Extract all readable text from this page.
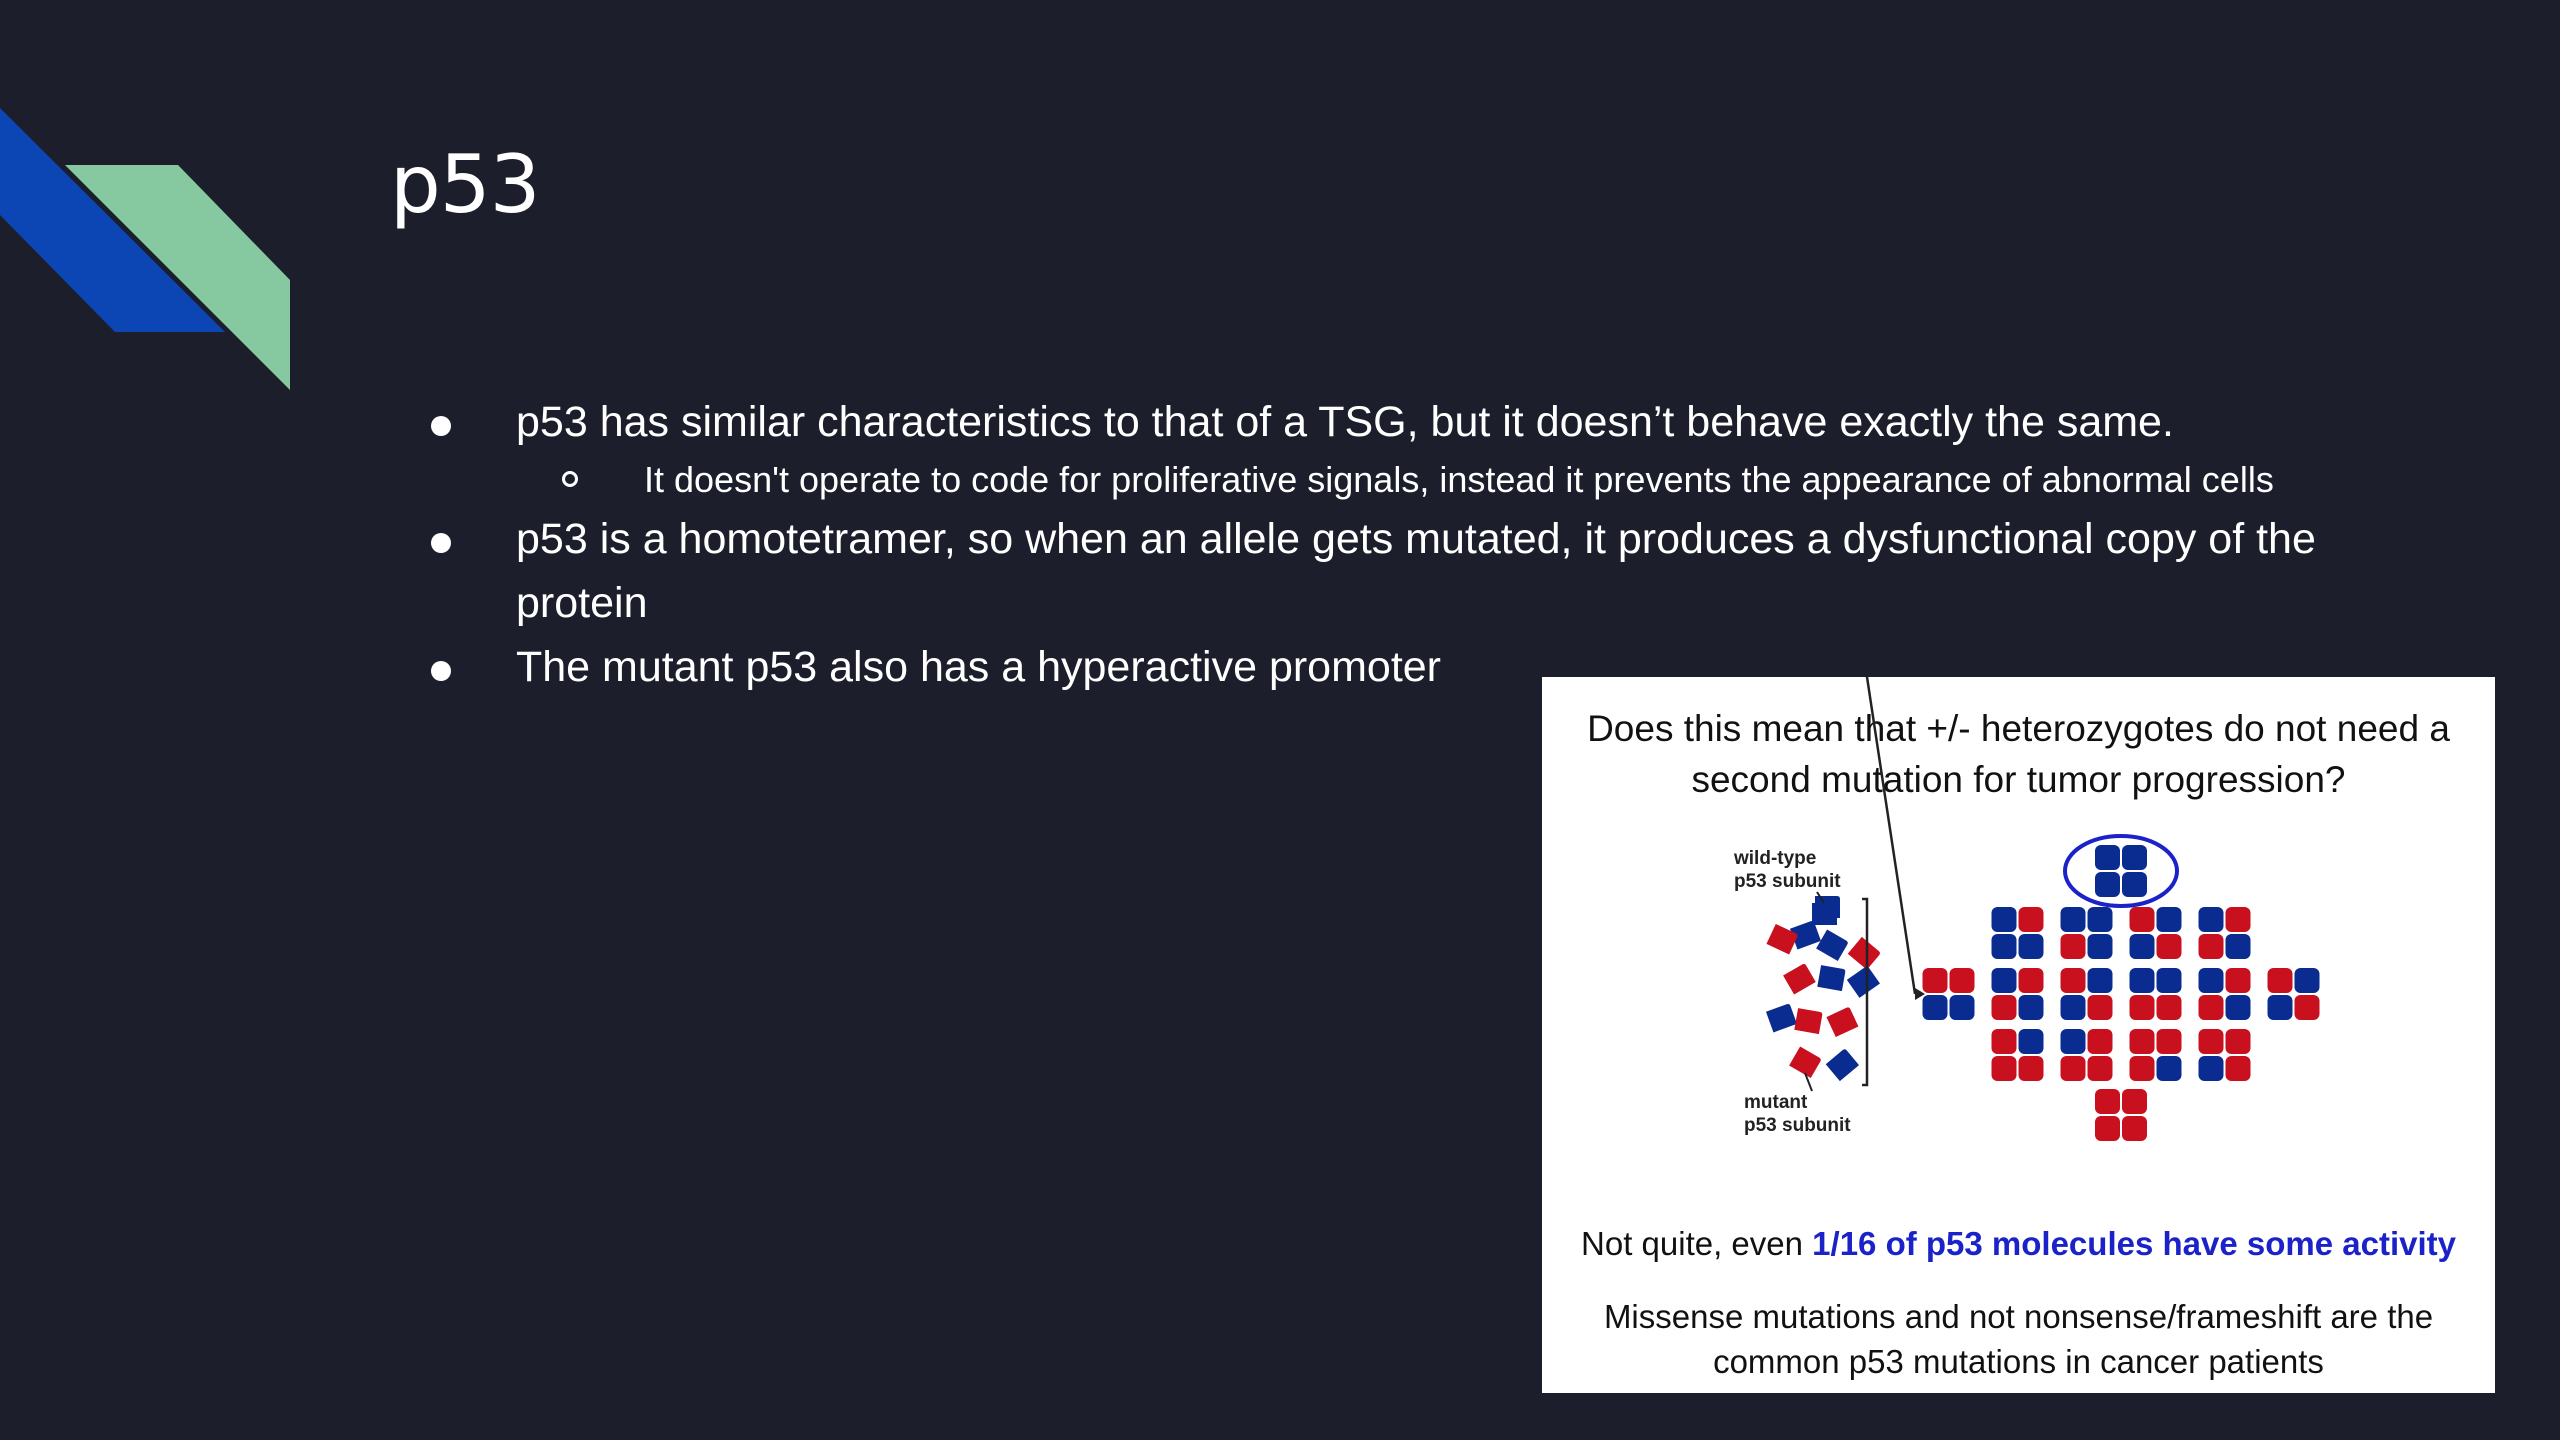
p53
p53 has similar characteristics to that of a TSG, but it doesn’t behave exactly the same.
It doesn't operate to code for proliferative signals, instead it prevents the appearance of abnormal cells
p53 is a homotetramer, so when an allele gets mutated, it produces a dysfunctional copy of the protein
The mutant p53 also has a hyperactive promoter
Does this mean that +/- heterozygotes do not need a second mutation for tumor progression?
wild-type
p53 subunit
mutant
p53 subunit
Not quite, even 1/16 of p53 molecules have some activity
Missense mutations and not nonsense/frameshift are the common p53 mutations in cancer patients
